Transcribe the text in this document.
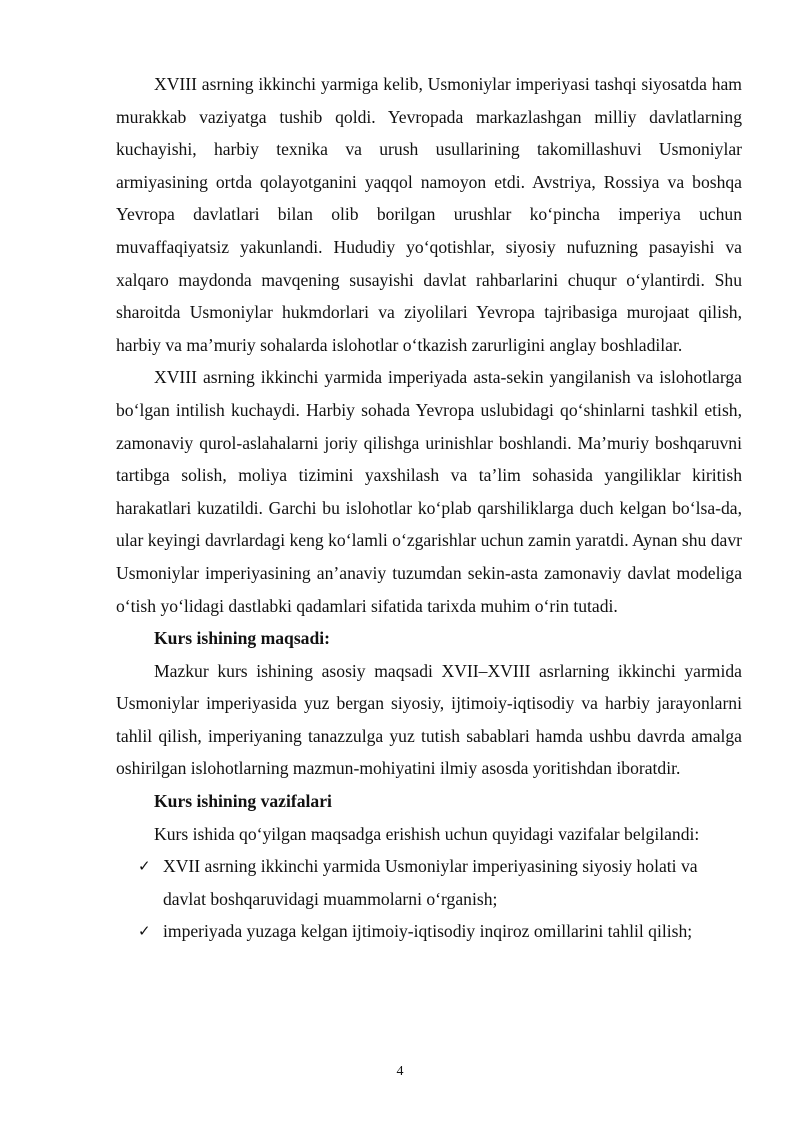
XVIII asrning ikkinchi yarmiga kelib, Usmoniylar imperiyasi tashqi siyosatda ham murakkab vaziyatga tushib qoldi. Yevropada markazlashgan milliy davlatlarning kuchayishi, harbiy texnika va urush usullarining takomillashuvi Usmoniylar armiyasining ortda qolayotganini yaqqol namoyon etdi. Avstriya, Rossiya va boshqa Yevropa davlatlari bilan olib borilgan urushlar ko‘pincha imperiya uchun muvaffaqiyatsiz yakunlandi. Hududiy yo‘qotishlar, siyosiy nufuzning pasayishi va xalqaro maydonda mavqening susayishi davlat rahbarlarini chuqur o‘ylantirdi. Shu sharoitda Usmoniylar hukmdorlari va ziyolilari Yevropa tajribasiga murojaat qilish, harbiy va ma’muriy sohalarda islohotlar o‘tkazish zarurligini anglay boshladilar.

XVIII asrning ikkinchi yarmida imperiyada asta-sekin yangilanish va islohotlarga bo‘lgan intilish kuchaydi. Harbiy sohada Yevropa uslubidagi qo‘shinlarni tashkil etish, zamonaviy qurol-aslahalarni joriy qilishga urinishlar boshlandi. Ma’muriy boshqaruvni tartibga solish, moliya tizimini yaxshilash va ta’lim sohasida yangiliklar kiritish harakatlari kuzatildi. Garchi bu islohotlar ko‘plab qarshiliklarga duch kelgan bo‘lsa-da, ular keyingi davrlardagi keng ko‘lamli o‘zgarishlar uchun zamin yaratdi. Aynan shu davr Usmoniylar imperiyasining an’anaviy tuzumdan sekin-asta zamonaviy davlat modeliga o‘tish yo‘lidagi dastlabki qadamlari sifatida tarixda muhim o‘rin tutadi.

Kurs ishining maqsadi:

Mazkur kurs ishining asosiy maqsadi XVII–XVIII asrlarning ikkinchi yarmida Usmoniylar imperiyasida yuz bergan siyosiy, ijtimoiy-iqtisodiy va harbiy jarayonlarni tahlil qilish, imperiyaning tanazzulga yuz tutish sabablari hamda ushbu davrda amalga oshirilgan islohotlarning mazmun-mohiyatini ilmiy asosda yoritishdan iboratdir.

Kurs ishining vazifalari

Kurs ishida qo‘yilgan maqsadga erishish uchun quyidagi vazifalar belgilandi:

✓ XVII asrning ikkinchi yarmida Usmoniylar imperiyasining siyosiy holati va davlat boshqaruvidagi muammolarni o‘rganish;
✓ imperiyada yuzaga kelgan ijtimoiy-iqtisodiy inqiroz omillarini tahlil qilish;
4
